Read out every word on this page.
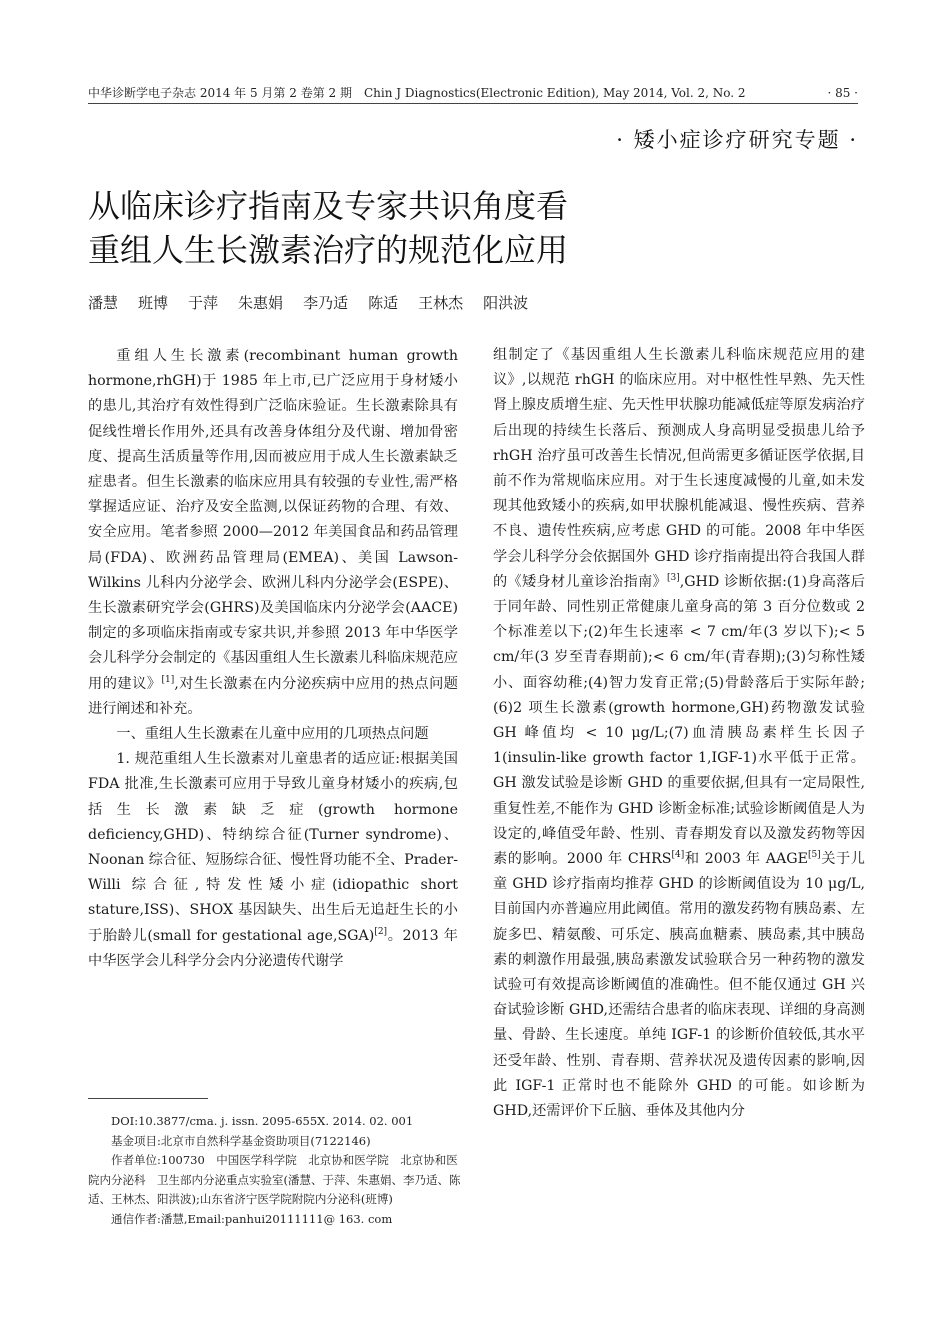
中华诊断学电子杂志 2014 年 5 月第 2 卷第 2 期　Chin J Diagnostics(Electronic Edition), May 2014, Vol. 2, No. 2	· 85 ·
· 矮小症诊疗研究专题 ·
从临床诊疗指南及专家共识角度看
重组人生长激素治疗的规范化应用
潘慧 班博 于萍 朱惠娟 李乃适 陈适 王林杰 阳洪波

重组人生长激素(recombinant human growth hormone,rhGH)于 1985 年上市,已广泛应用于身材矮小的患儿,其治疗有效性得到广泛临床验证。生长激素除具有促线性增长作用外,还具有改善身体组分及代谢、增加骨密度、提高生活质量等作用,因而被应用于成人生长激素缺乏症患者。但生长激素的临床应用具有较强的专业性,需严格掌握适应证、治疗及安全监测,以保证药物的合理、有效、安全应用。笔者参照 2000—2012 年美国食品和药品管理局(FDA)、欧洲药品管理局(EMEA)、美国 Lawson-Wilkins 儿科内分泌学会、欧洲儿科内分泌学会(ESPE)、生长激素研究学会(GHRS)及美国临床内分泌学会(AACE)制定的多项临床指南或专家共识,并参照 2013 年中华医学会儿科学分会制定的《基因重组人生长激素儿科临床规范应用的建议》[1],对生长激素在内分泌疾病中应用的热点问题进行阐述和补充。

一、重组人生长激素在儿童中应用的几项热点问题

1. 规范重组人生长激素对儿童患者的适应证:根据美国 FDA 批准,生长激素可应用于导致儿童身材矮小的疾病,包括生长激素缺乏症(growth hormone deficiency,GHD)、特纳综合征(Turner syndrome)、Noonan 综合征、短肠综合征、慢性肾功能不全、Prader-Willi 综合征,特发性矮小症(idiopathic short stature,ISS)、SHOX 基因缺失、出生后无追赶生长的小于胎龄儿(small for gestational age,SGA)[2]。2013 年中华医学会儿科学分会内分泌遗传代谢学

DOI:10.3877/cma. j. issn. 2095-655X. 2014. 02. 001

基金项目:北京市自然科学基金资助项目(7122146)

作者单位:100730　中国医学科学院　北京协和医学院　北京协和医院内分泌科　卫生部内分泌重点实验室(潘慧、于萍、朱惠娟、李乃适、陈适、王林杰、阳洪波);山东省济宁医学院附院内分泌科(班博)

通信作者:潘慧,Email:panhui20111111@ 163. com

组制定了《基因重组人生长激素儿科临床规范应用的建议》,以规范 rhGH 的临床应用。对中枢性性早熟、先天性肾上腺皮质增生症、先天性甲状腺功能减低症等原发病治疗后出现的持续生长落后、预测成人身高明显受损患儿给予 rhGH 治疗虽可改善生长情况,但尚需更多循证医学依据,目前不作为常规临床应用。对于生长速度减慢的儿童,如未发现其他致矮小的疾病,如甲状腺机能减退、慢性疾病、营养不良、遗传性疾病,应考虑 GHD 的可能。2008 年中华医学会儿科学分会依据国外 GHD 诊疗指南提出符合我国人群的《矮身材儿童诊治指南》[3],GHD 诊断依据:(1)身高落后于同年龄、同性别正常健康儿童身高的第 3 百分位数或 2 个标准差以下;(2)年生长速率 < 7 cm/年(3 岁以下);< 5 cm/年(3 岁至青春期前);< 6 cm/年(青春期);(3)匀称性矮小、面容幼稚;(4)智力发育正常;(5)骨龄落后于实际年龄;(6)2 项生长激素(growth hormone,GH)药物激发试验 GH 峰值均 < 10 μg/L;(7)血清胰岛素样生长因子 1(insulin-like growth factor 1,IGF-1)水平低于正常。GH 激发试验是诊断 GHD 的重要依据,但具有一定局限性,重复性差,不能作为 GHD 诊断金标准;试验诊断阈值是人为设定的,峰值受年龄、性别、青春期发育以及激发药物等因素的影响。2000 年 CHRS[4]和 2003 年 AAGE[5]关于儿童 GHD 诊疗指南均推荐 GHD 的诊断阈值设为 10 μg/L,目前国内亦普遍应用此阈值。常用的激发药物有胰岛素、左旋多巴、精氨酸、可乐定、胰高血糖素、胰岛素,其中胰岛素的刺激作用最强,胰岛素激发试验联合另一种药物的激发试验可有效提高诊断阈值的准确性。但不能仅通过 GH 兴奋试验诊断 GHD,还需结合患者的临床表现、详细的身高测量、骨龄、生长速度。单纯 IGF-1 的诊断价值较低,其水平还受年龄、性别、青春期、营养状况及遗传因素的影响,因此 IGF-1 正常时也不能除外 GHD 的可能。如诊断为 GHD,还需评价下丘脑、垂体及其他内分
